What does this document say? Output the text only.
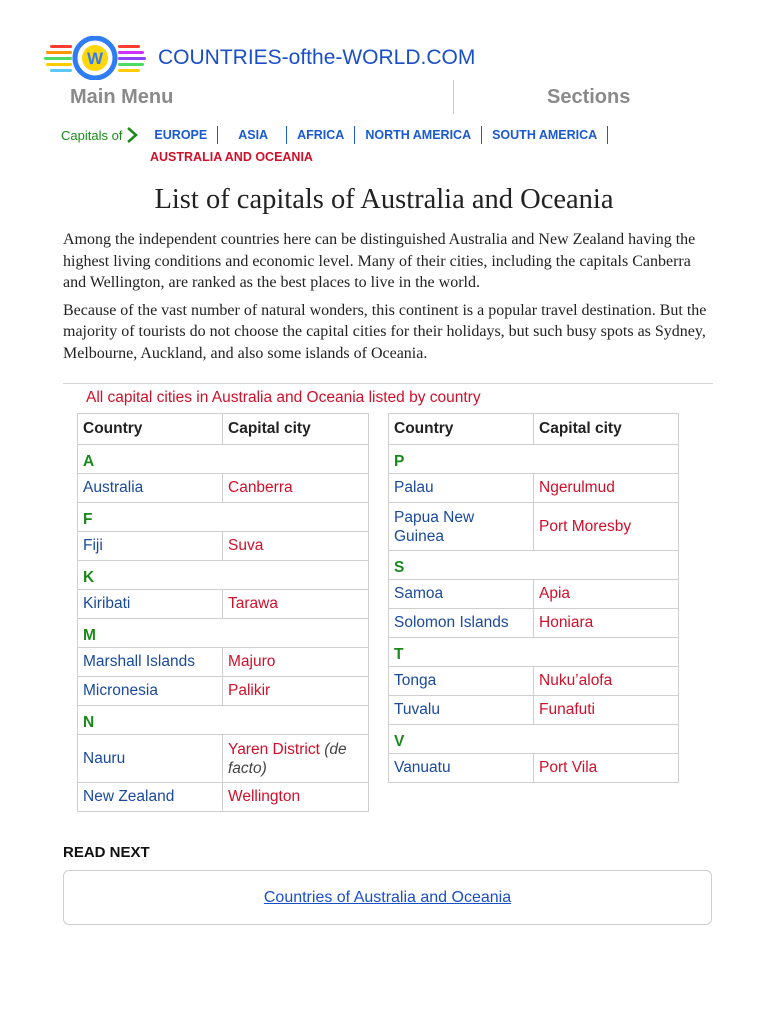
W	COUNTRIES-ofthe-WORLD.COM
Main Menu	Sections
Capitals of	EUROPE	ASIA	AFRICA	NORTH AMERICA	SOUTH AMERICA
AUSTRALIA AND OCEANIA
List of capitals of Australia and Oceania

Among the independent countries here can be distinguished Australia and New Zealand having the highest living conditions and economic level. Many of their cities, including the capitals Canberra and Wellington, are ranked as the best places to live in the world.

Because of the vast number of natural wonders, this continent is a popular travel destination. But the majority of tourists do not choose the capital cities for their holidays, but such busy spots as Sydney, Melbourne, Auckland, and also some islands of Oceania.

All capital cities in Australia and Oceania listed by country
Country	Capital city
A	
Australia	Canberra
F	
Fiji	Suva
K	
Kiribati	Tarawa
M	
Marshall Islands	Majuro
Micronesia	Palikir
N	
Nauru	Yaren District (de facto)
New Zealand	Wellington
Country	Capital city
P	
Palau	Ngerulmud
Papua New Guinea	Port Moresby
S	
Samoa	Apia
Solomon Islands	Honiara
T	
Tonga	Nuku’alofa
Tuvalu	Funafuti
V	
Vanuatu	Port Vila
READ NEXT
Countries of Australia and Oceania
